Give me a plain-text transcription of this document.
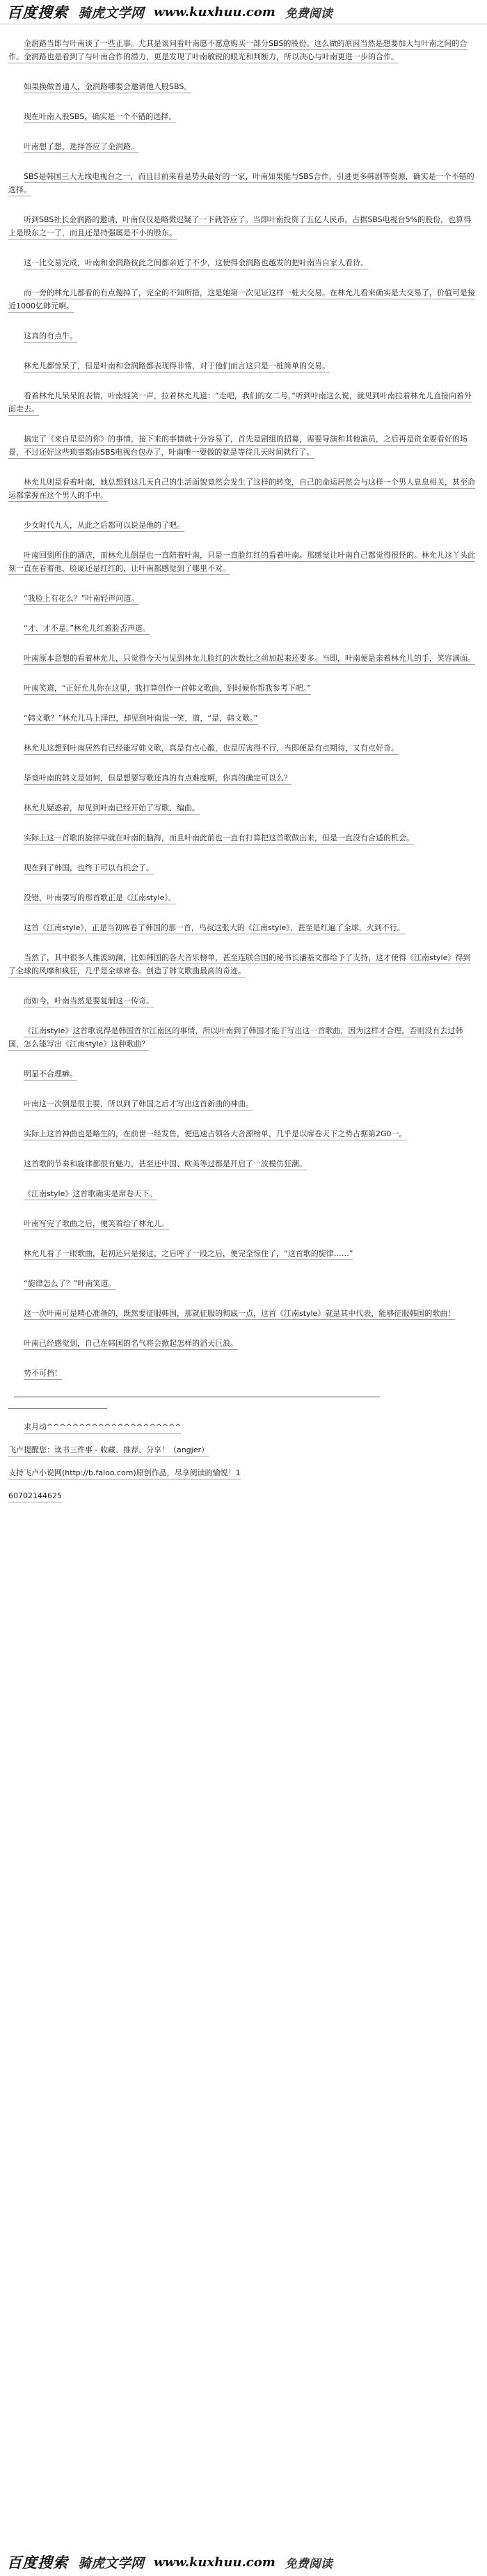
百度搜索 骑虎文学网 www.kuxhuu.com 免费阅读

金润路当即与叶南谈了一些正事。尤其是谈问看叶南愿不愿意购买一部分SBS的股份。这么做的原因当然是想要加大与叶南之间的合作。金润路也是看到了与叶南合作的潜力，更是发现了叶南敏锐的眼光和判断力，所以决心与叶南更进一步的合作。

如果换做普通人，金润路哪要会邀请他人股SBS。

现在叶南入股SBS，确实是一个不错的选择。

叶南想了想，选择答应了金润路。

SBS是韩国三大无线电视台之一，而且目前来看是势头最好的一家，叶南如果能与SBS合作，引进更多韩剧等资源，确实是一个不错的选择。

听到SBS社长金润路的邀请，叶南仅仅是略微迟疑了一下就答应了。当即叶南投资了五亿人民币，占据SBS电视台5%的股份，也算得上是股东之一了，而且还是持强属是不小的股东。

这一比交易完成，叶南和金润路彼此之间都亲近了不少，这使得金润路也越发的把叶南当自家人看待。

而一旁的林允儿都看的有点傻掉了，完全的不知所措，这是她第一次见证这样一桩大交易。在林允儿看来确实是大交易了，价值可是接近1000亿韩元啊。

这真的有点牛。

林允儿都惊呆了，但是叶南和金润路都表现得非常，对于他们而言这只是一桩简单的交易。

看着林允儿呆呆的表情，叶南轻笑一声，拉着林允儿道：“走吧，我们的女二号，”听到叶南这么说，就见到叶南拉着林允儿直接向着外面走去。

搞定了《来自星星的你》的事情，接下来的事情就十分容易了，首先是剧组的招募，需要导演和其他演员，之后再是资金要看好的场景，不过还好这些琐事都由SBS电视台包办了，叶南唯一要做的就是等待几天时间就行了。

林允儿则是看着叶南，她总想到这几天自己的生活面貌竟然会发生了这样的转变，自己的命运居然会与这样一个男人息息相关，甚至命运都掌握在这个男人的手中。

少女时代九人，从此之后都可以说是他的了吧。

叶南回到所住的酒店，而林允儿倒是也一直陪着叶南，只是一直脸红红的看着叶南。那感觉让叶南自己都觉得很怪的。林允儿这丫头此刻一直在看着他，脸庞还是红红的，让叶南都感觉到了哪里不对。

“我脸上有花么？”叶南轻声问道。

“才、才不是。”林允儿红着脸否声道。

叶南原本意想的看着林允儿，只觉得今天与见到林允儿脸红的次数比之前加起来还要多。当即，叶南便是亲着林允儿的手，笑容满面。

叶南笑道，“正好允儿你在这里，我打算创作一首韩文歌曲，到时候你帮我参考下吧。”

“韩文歌？”林允儿马上泽巴，却见到叶南说一笑，道，“是，韩文歌。”

林允儿这想到叶南居然有已经能写韩文歌，真是有点心酸，也是厉害得不行，当即便是有点期待，又有点好奇。

毕竟叶南的韩文是如何，但是想要写歌还真的有点难度啊，你真的确定可以么？

林允儿疑惑着，却见到叶南已经开始了写歌、编曲。

实际上这一首歌的旋律早就在叶南的脑海，而且叶南此前也一直有打算把这首歌做出来，但是一直没有合适的机会。

现在到了韩国，也终于可以有机会了。

没错，叶南要写的那首歌正是《江南style》。

这首《江南style》，正是当初席卷了韩国的那一首，鸟叔这张大的《江南style》，甚至是红遍了全球，火到不行。

当然了，其中很多人推波助澜，比如韩国的各大音乐榜单，甚至连联合国的秘书长潘基文都给予了支持，这才使得《江南style》得到了全球的风靡和疯狂，几乎是全球席卷。创造了韩文歌曲最高的奇迹。

而如今，叶南当然是要复制这一传奇。

《江南style》这首歌说得是韩国首尔江南区的事情，所以叶南到了韩国才能于写出这一首歌曲，因为这样才合理，否则没有去过韩国，怎么能写出《江南style》这种歌曲？

明显不合理嘛。

叶南这一次倒是很主要，所以到了韩国之后才写出这首新曲的神曲。

实际上这首神曲也是略生的，在前世一经发售，便迅速占领各大音源榜单，几乎是以席卷天下之势占据第2G0一。

这首歌的节奏和旋律都很有魅力，甚至还中国、欧美等过都是开启了一波模仿狂潮。

《江南style》这首歌确实是席卷天下。

叶南写完了歌曲之后，便笑着给了林允儿。

林允儿看了一眼歌曲，起初还只是接过，之后呼了一段之后，便完全惊住了，“这首歌的旋律……”

“旋律怎么了？”叶南笑道。

这一次叶南可是精心准备的，既然要征服韩国，那就征服的彻底一点，这首《江南style》就是其中代表，能够征服韩国的歌曲！

叶南已经感觉到，自己在韩国的名气将会掀起怎样的滔天巨浪。

势不可挡！

求月动^^^^^^^^^^^^^^^^^^^^^

飞卢提醒您：读书三件事 - 收藏、推荐、分享！（angjer）

支持飞卢小说网(http://b.faloo.com)原创作品，尽享阅读的愉悦！1

60702144625

百度搜索 骑虎文学网 www.kuxhuu.com 免费阅读
